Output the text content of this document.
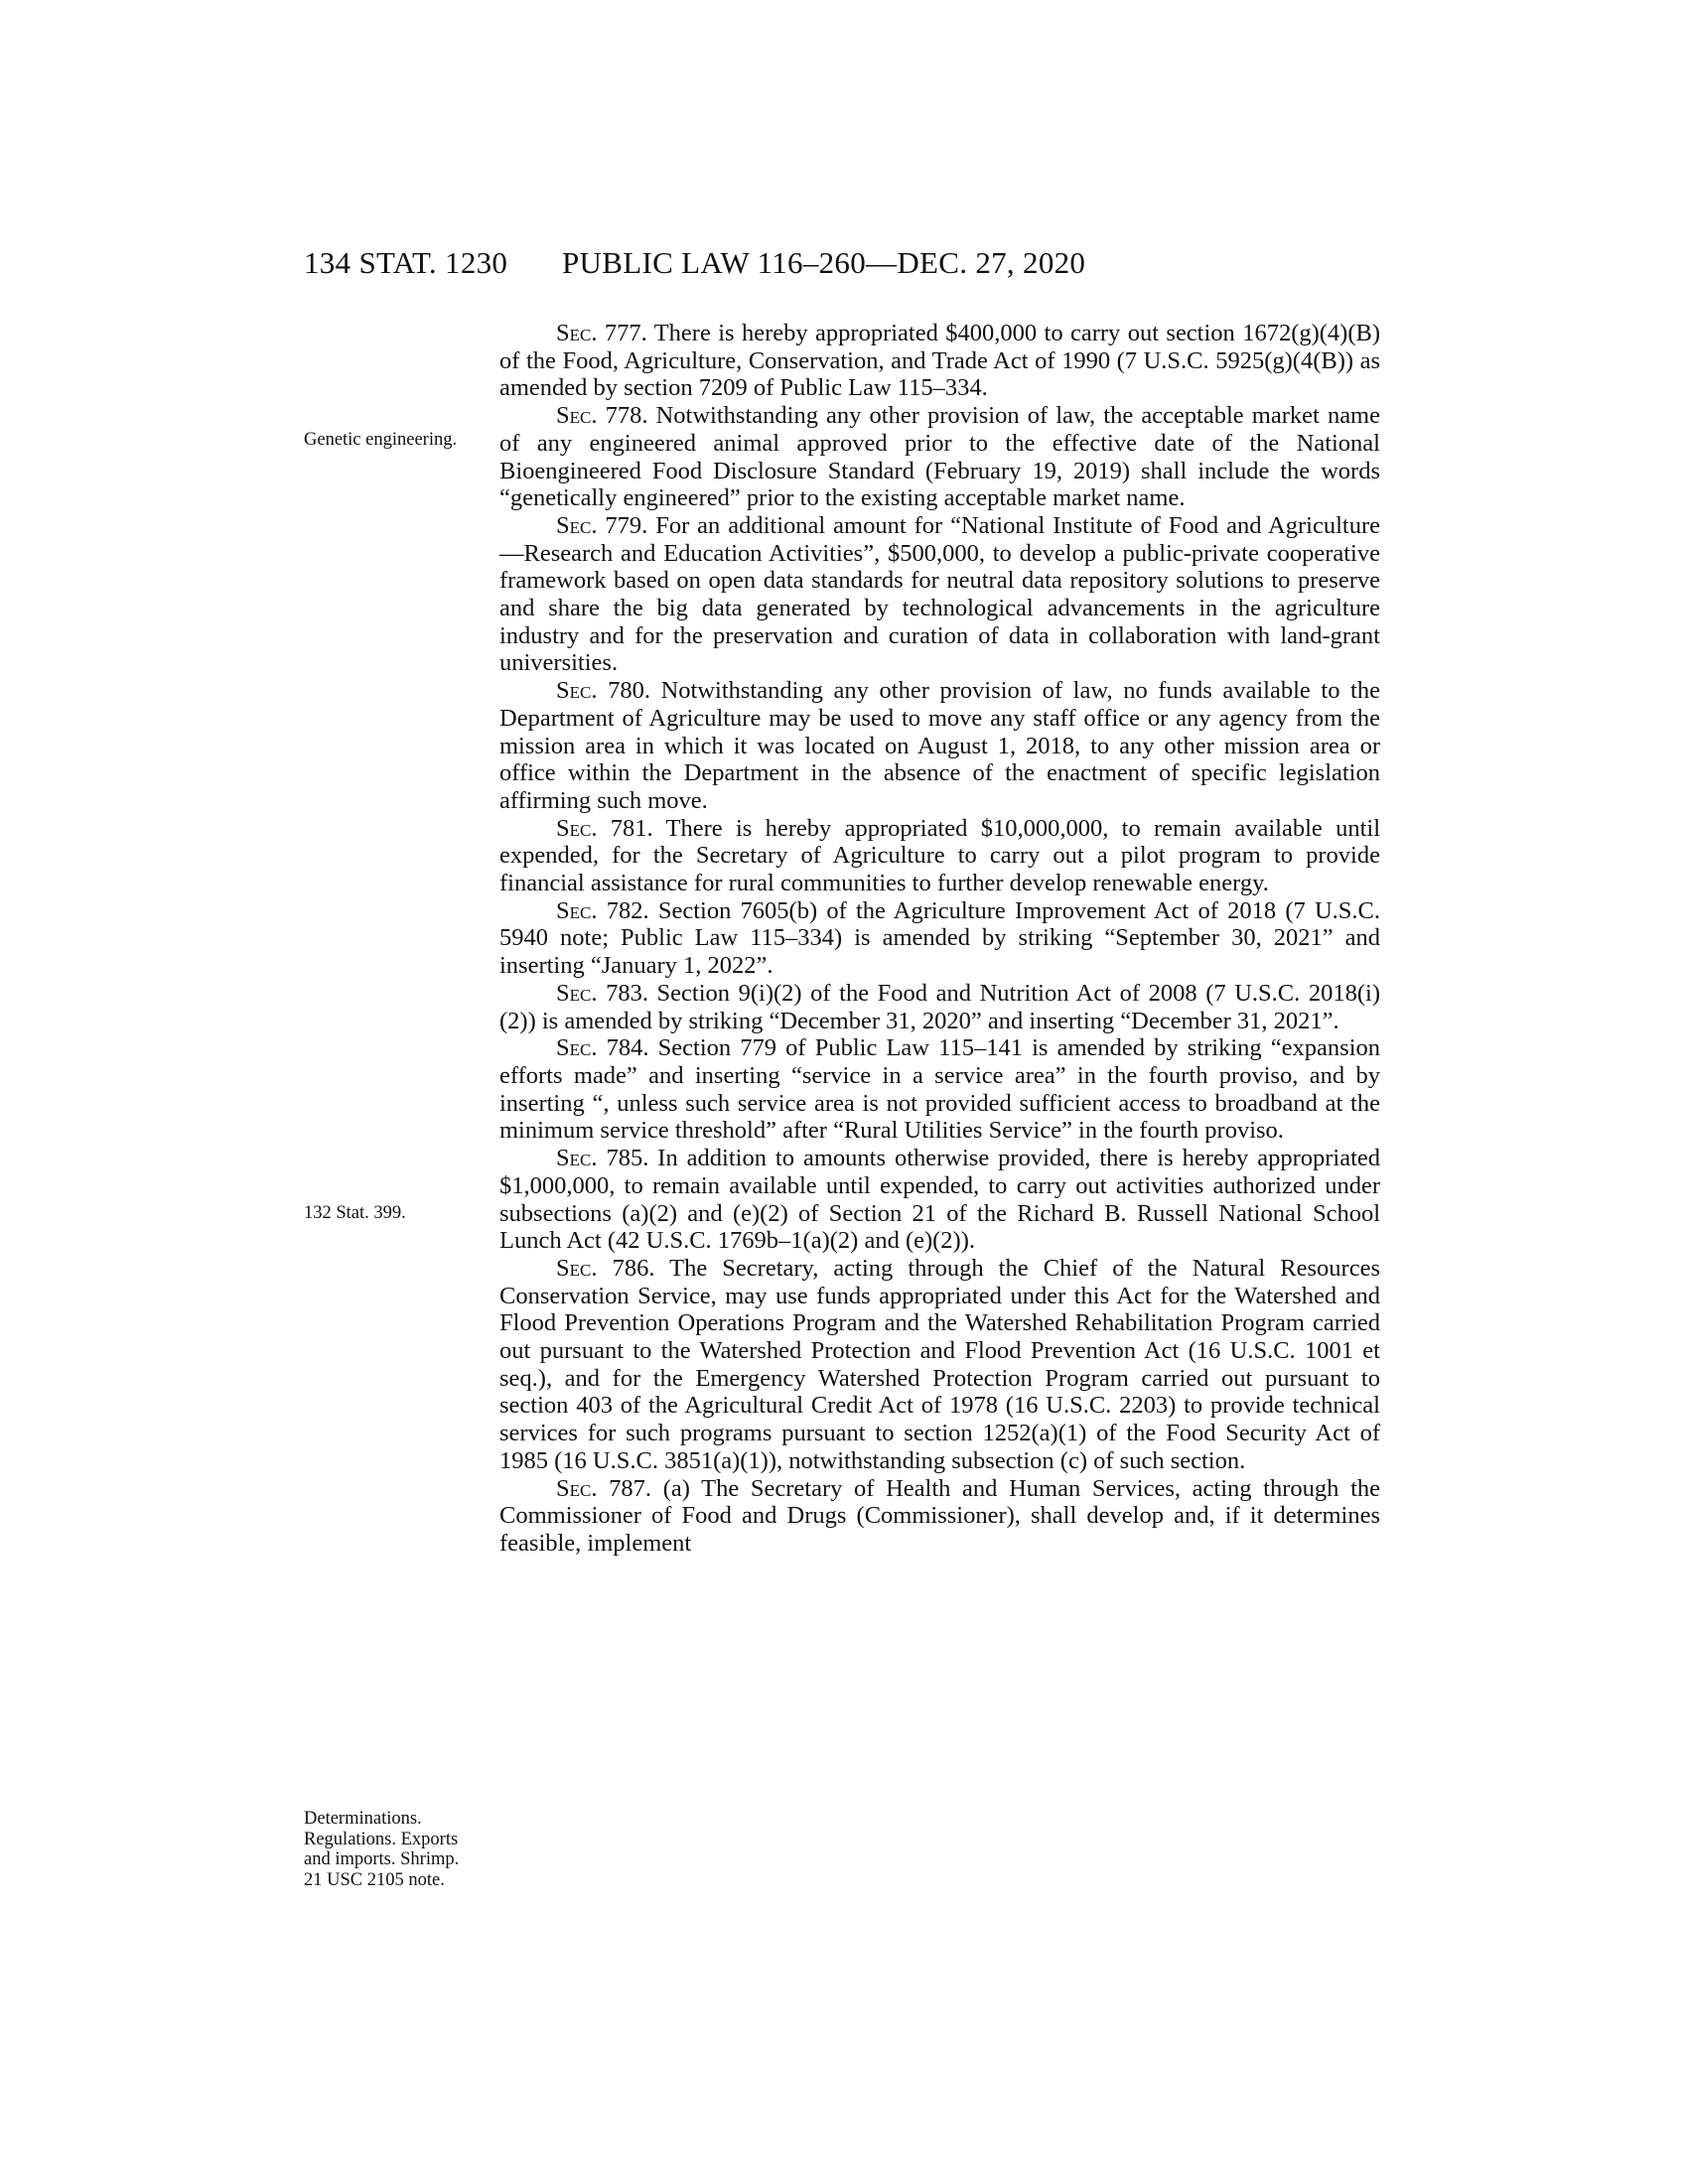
134 STAT. 1230 PUBLIC LAW 116–260—DEC. 27, 2020
Genetic engineering.
132 Stat. 399.
Determinations. Regulations. Exports and imports. Shrimp. 21 USC 2105 note.

Sec. 777. There is hereby appropriated $400,000 to carry out section 1672(g)(4)(B) of the Food, Agriculture, Conservation, and Trade Act of 1990 (7 U.S.C. 5925(g)(4(B)) as amended by section 7209 of Public Law 115–334.

Sec. 778. Notwithstanding any other provision of law, the acceptable market name of any engineered animal approved prior to the effective date of the National Bioengineered Food Disclosure Standard (February 19, 2019) shall include the words “genetically engineered” prior to the existing acceptable market name.

Sec. 779. For an additional amount for “National Institute of Food and Agriculture—Research and Education Activities”, $500,000, to develop a public-private cooperative framework based on open data standards for neutral data repository solutions to preserve and share the big data generated by technological advancements in the agriculture industry and for the preservation and curation of data in collaboration with land-grant universities.

Sec. 780. Notwithstanding any other provision of law, no funds available to the Department of Agriculture may be used to move any staff office or any agency from the mission area in which it was located on August 1, 2018, to any other mission area or office within the Department in the absence of the enactment of specific legislation affirming such move.

Sec. 781. There is hereby appropriated $10,000,000, to remain available until expended, for the Secretary of Agriculture to carry out a pilot program to provide financial assistance for rural communities to further develop renewable energy.

Sec. 782. Section 7605(b) of the Agriculture Improvement Act of 2018 (7 U.S.C. 5940 note; Public Law 115–334) is amended by striking “September 30, 2021” and inserting “January 1, 2022”.

Sec. 783. Section 9(i)(2) of the Food and Nutrition Act of 2008 (7 U.S.C. 2018(i)(2)) is amended by striking “December 31, 2020” and inserting “December 31, 2021”.

Sec. 784. Section 779 of Public Law 115–141 is amended by striking “expansion efforts made” and inserting “service in a service area” in the fourth proviso, and by inserting “, unless such service area is not provided sufficient access to broadband at the minimum service threshold” after “Rural Utilities Service” in the fourth proviso.

Sec. 785. In addition to amounts otherwise provided, there is hereby appropriated $1,000,000, to remain available until expended, to carry out activities authorized under subsections (a)(2) and (e)(2) of Section 21 of the Richard B. Russell National School Lunch Act (42 U.S.C. 1769b–1(a)(2) and (e)(2)).

Sec. 786. The Secretary, acting through the Chief of the Natural Resources Conservation Service, may use funds appropriated under this Act for the Watershed and Flood Prevention Operations Program and the Watershed Rehabilitation Program carried out pursuant to the Watershed Protection and Flood Prevention Act (16 U.S.C. 1001 et seq.), and for the Emergency Watershed Protection Program carried out pursuant to section 403 of the Agricultural Credit Act of 1978 (16 U.S.C. 2203) to provide technical services for such programs pursuant to section 1252(a)(1) of the Food Security Act of 1985 (16 U.S.C. 3851(a)(1)), notwithstanding subsection (c) of such section.

Sec. 787. (a) The Secretary of Health and Human Services, acting through the Commissioner of Food and Drugs (Commissioner), shall develop and, if it determines feasible, implement
